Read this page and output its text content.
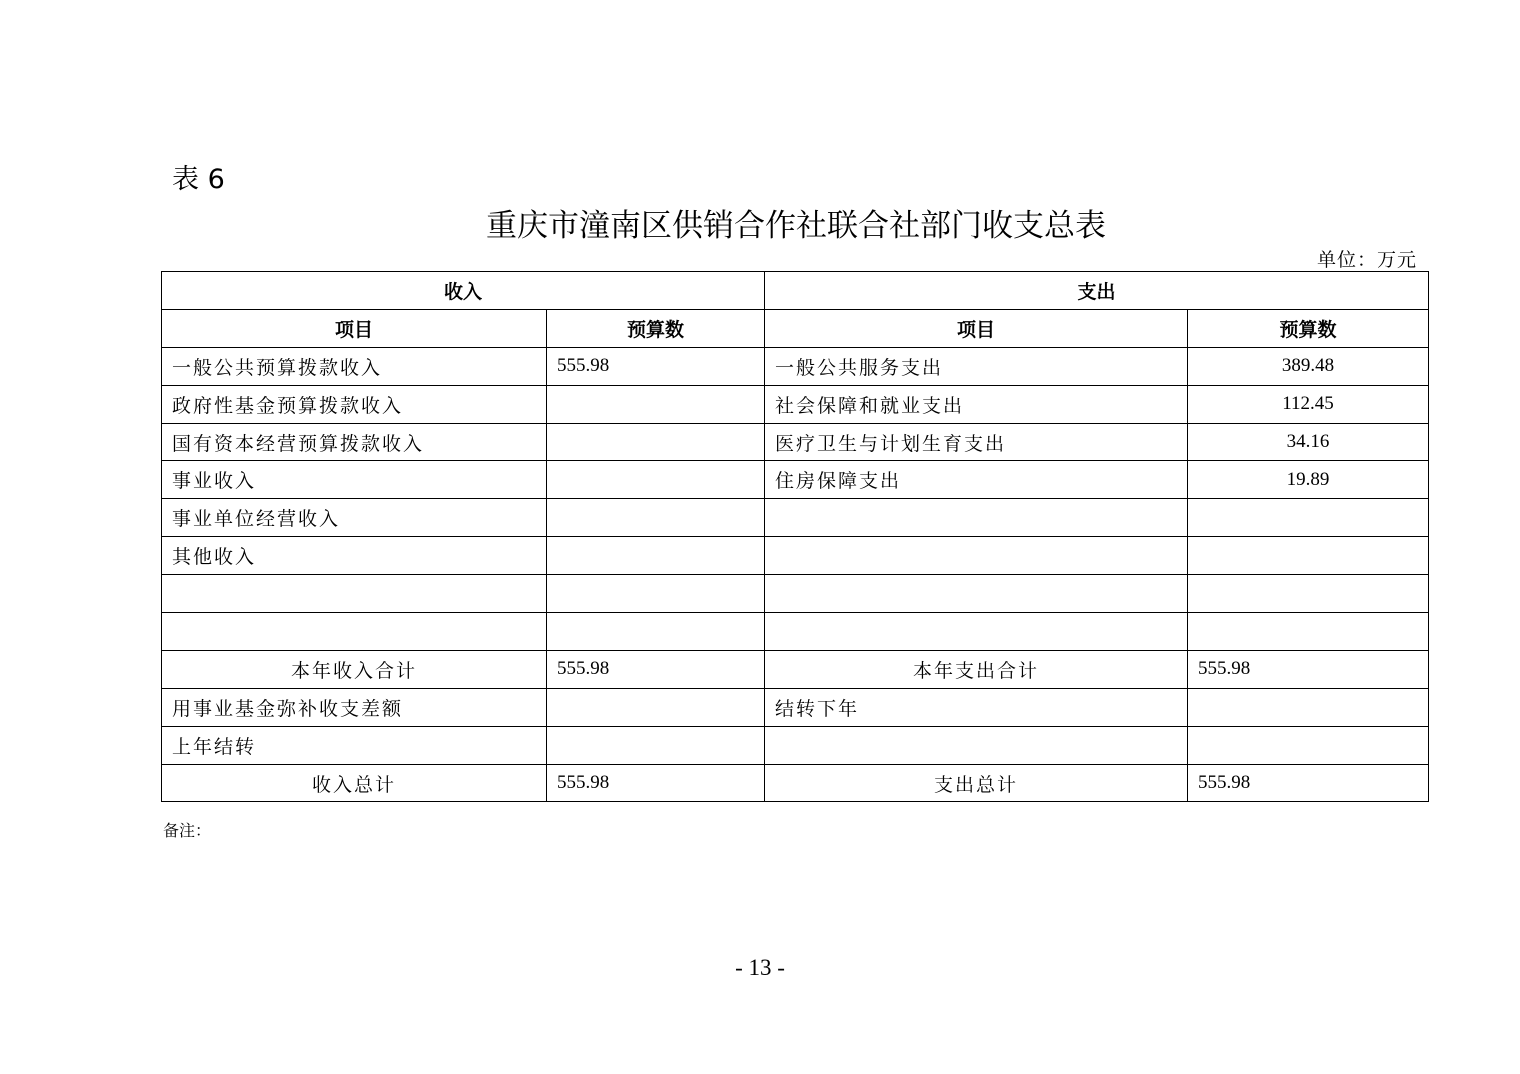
表 6
重庆市潼南区供销合作社联合社部门收支总表
单位：万元
收入		支出	
项目	预算数	项目	预算数
一般公共预算拨款收入	555.98	一般公共服务支出	389.48
政府性基金预算拨款收入		社会保障和就业支出	112.45
国有资本经营预算拨款收入		医疗卫生与计划生育支出	34.16
事业收入		住房保障支出	19.89
事业单位经营收入			
其他收入			

本年收入合计	555.98	本年支出合计	555.98
用事业基金弥补收支差额		结转下年	
上年结转			
收入总计	555.98	支出总计	555.98
备注：
- 13 -
